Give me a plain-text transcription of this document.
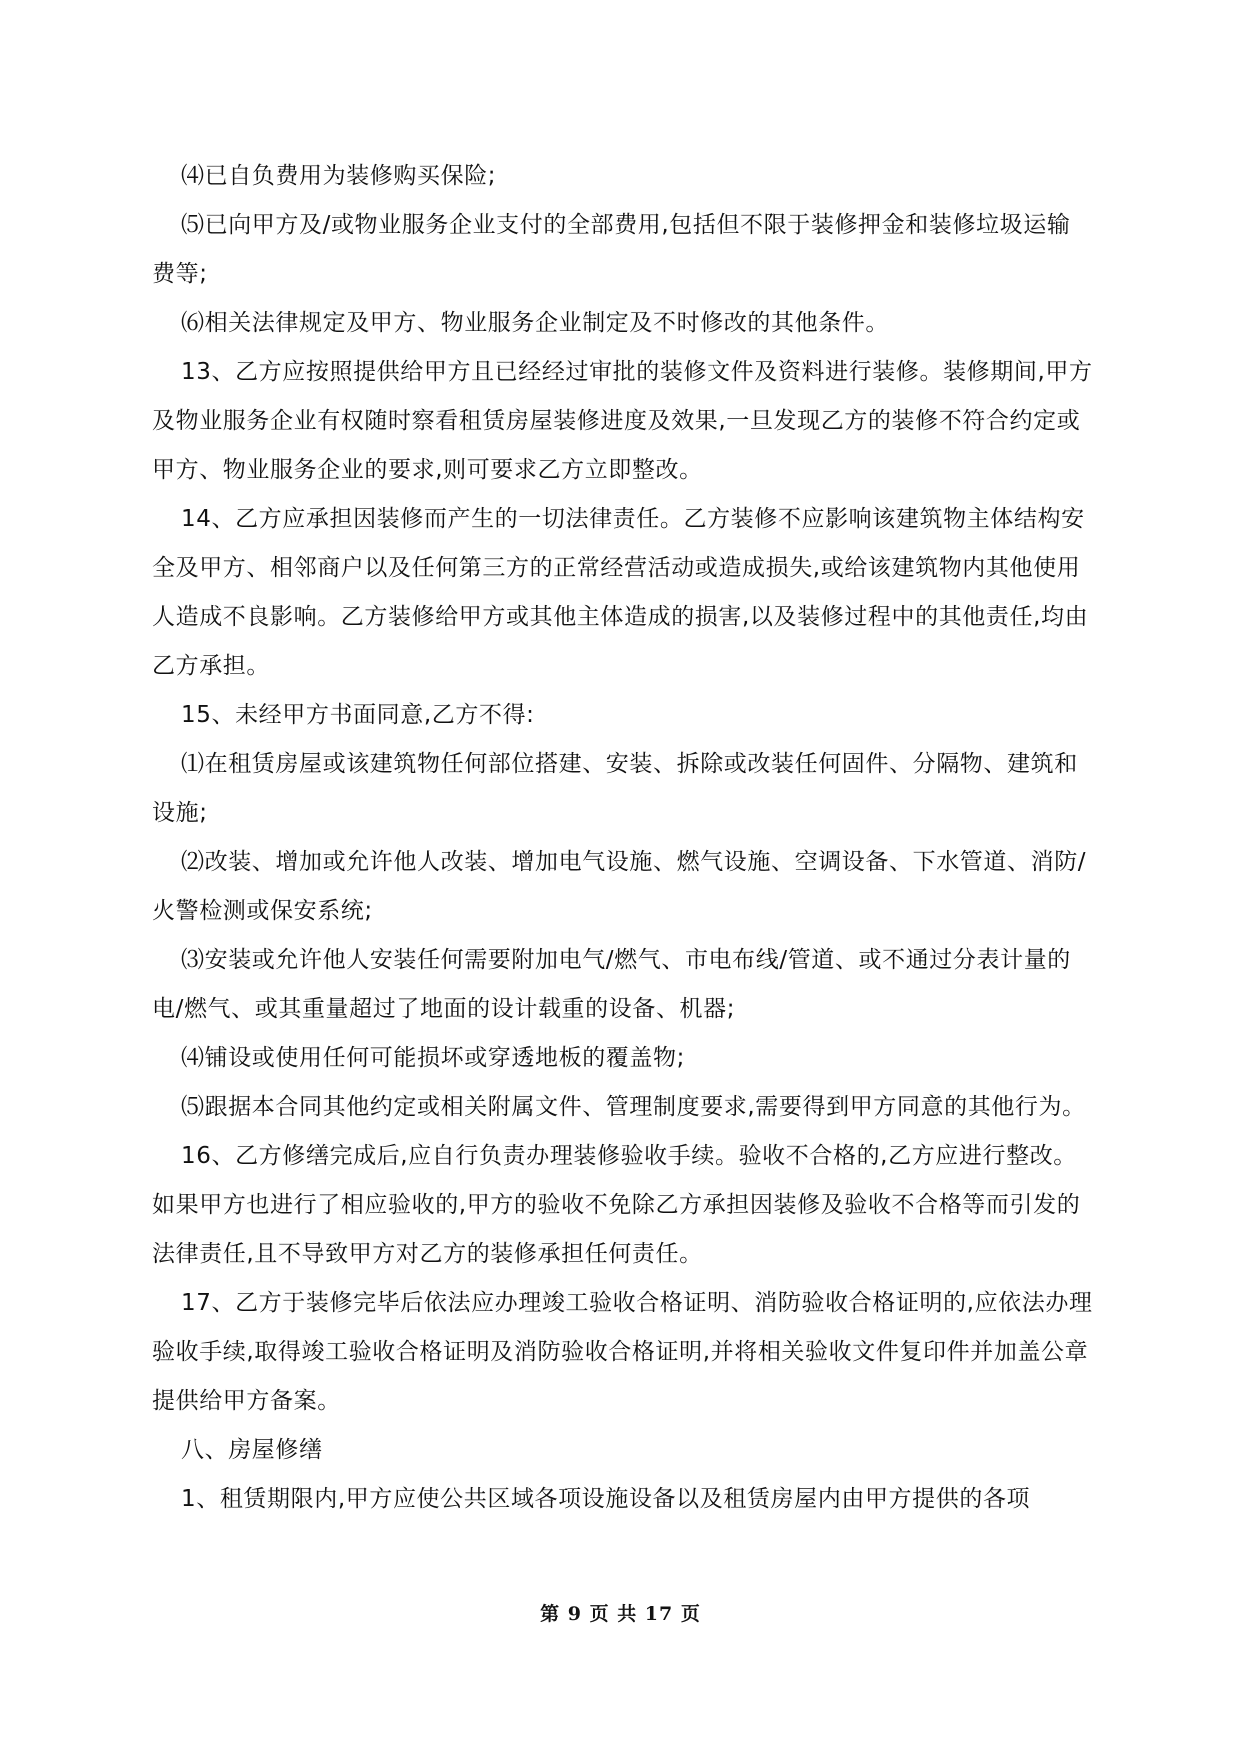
⑷已自负费用为装修购买保险;

⑸已向甲方及/或物业服务企业支付的全部费用,包括但不限于装修押金和装修垃圾运输费等;

⑹相关法律规定及甲方、物业服务企业制定及不时修改的其他条件。

13、乙方应按照提供给甲方且已经经过审批的装修文件及资料进行装修。装修期间,甲方及物业服务企业有权随时察看租赁房屋装修进度及效果,一旦发现乙方的装修不符合约定或甲方、物业服务企业的要求,则可要求乙方立即整改。

14、乙方应承担因装修而产生的一切法律责任。乙方装修不应影响该建筑物主体结构安全及甲方、相邻商户以及任何第三方的正常经营活动或造成损失,或给该建筑物内其他使用人造成不良影响。乙方装修给甲方或其他主体造成的损害,以及装修过程中的其他责任,均由乙方承担。

15、未经甲方书面同意,乙方不得:

⑴在租赁房屋或该建筑物任何部位搭建、安装、拆除或改装任何固件、分隔物、建筑和设施;

⑵改装、增加或允许他人改装、增加电气设施、燃气设施、空调设备、下水管道、消防/火警检测或保安系统;

⑶安装或允许他人安装任何需要附加电气/燃气、市电布线/管道、或不通过分表计量的电/燃气、或其重量超过了地面的设计载重的设备、机器;

⑷铺设或使用任何可能损坏或穿透地板的覆盖物;

⑸跟据本合同其他约定或相关附属文件、管理制度要求,需要得到甲方同意的其他行为。

16、乙方修缮完成后,应自行负责办理装修验收手续。验收不合格的,乙方应进行整改。如果甲方也进行了相应验收的,甲方的验收不免除乙方承担因装修及验收不合格等而引发的法律责任,且不导致甲方对乙方的装修承担任何责任。

17、乙方于装修完毕后依法应办理竣工验收合格证明、消防验收合格证明的,应依法办理验收手续,取得竣工验收合格证明及消防验收合格证明,并将相关验收文件复印件并加盖公章提供给甲方备案。

八、房屋修缮

1、租赁期限内,甲方应使公共区域各项设施设备以及租赁房屋内由甲方提供的各项

第 9 页 共 17 页
